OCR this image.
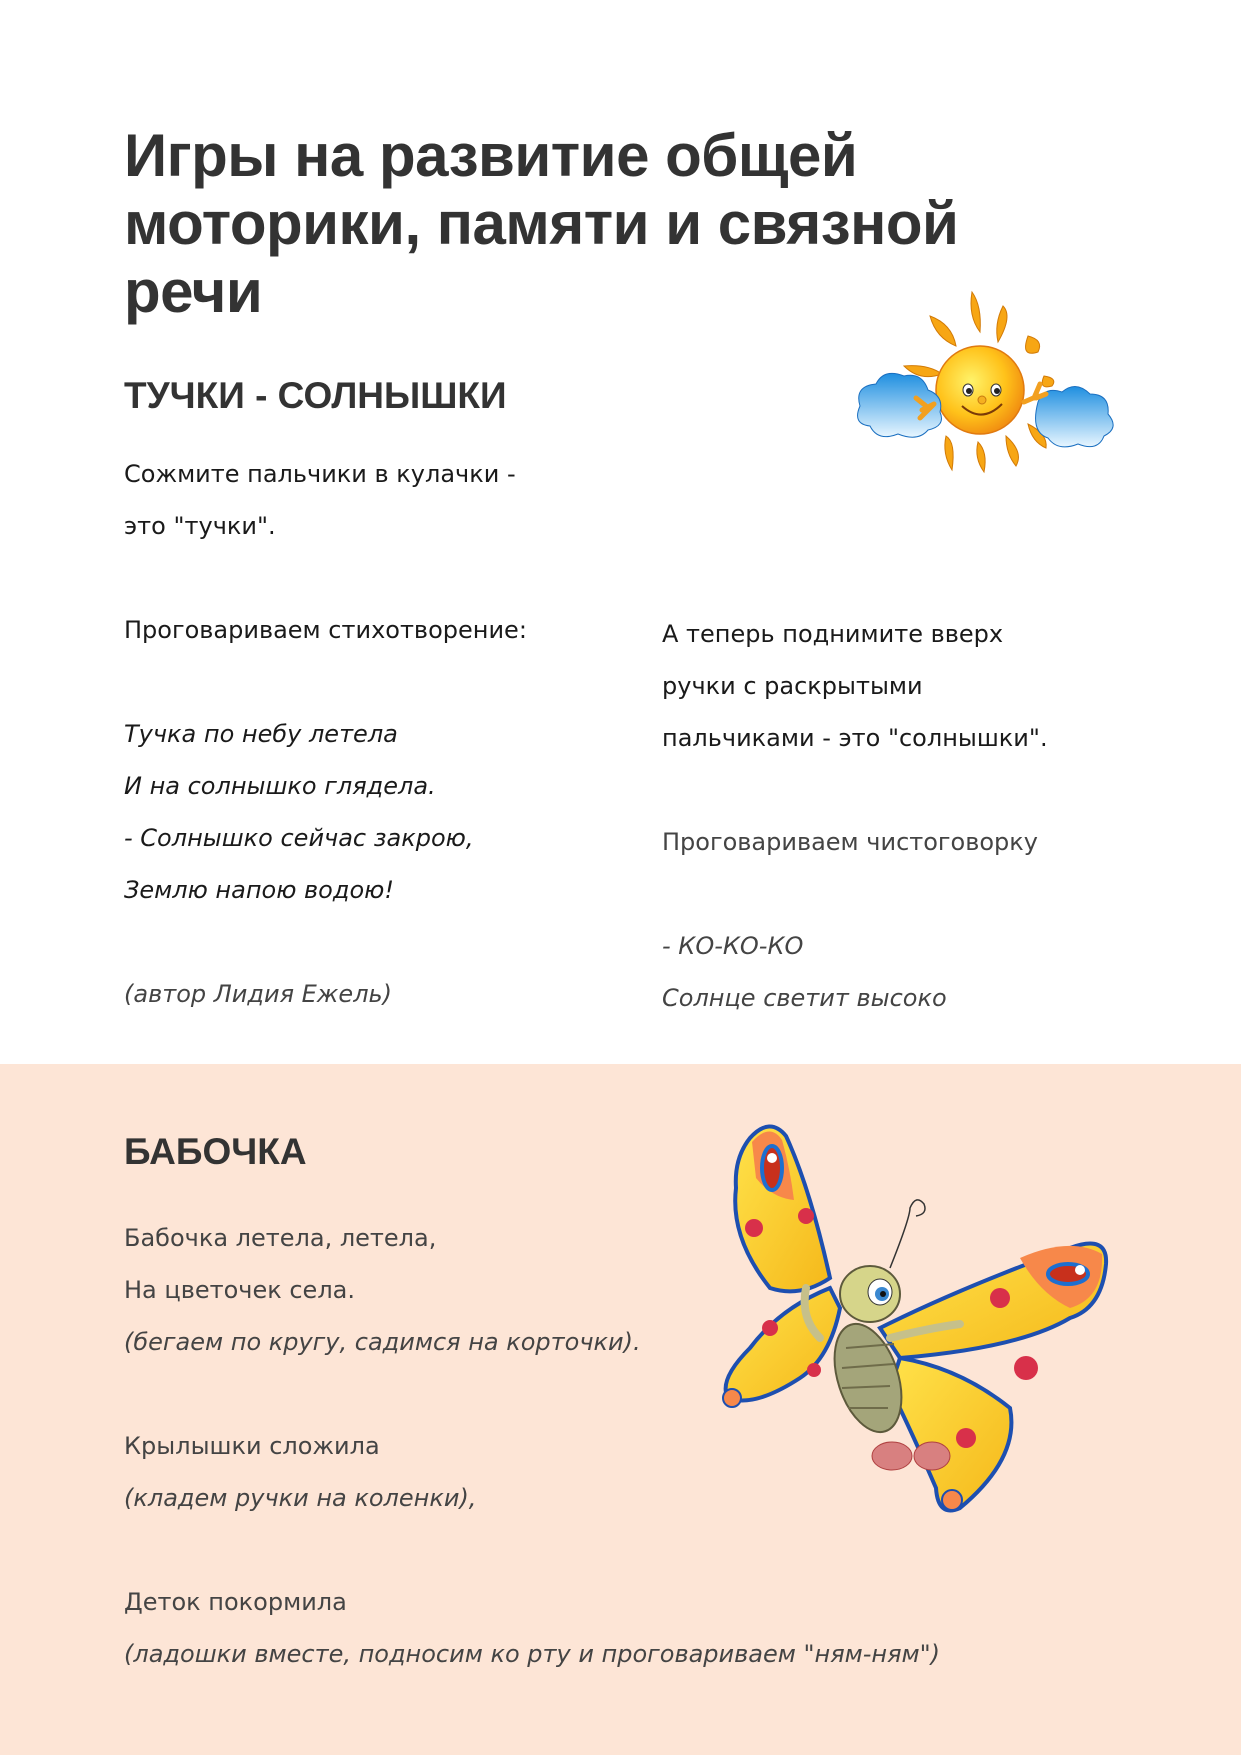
Игры на развитие общей
моторики, памяти и связной
речи
ТУЧКИ - СОЛНЫШКИ
Сожмите пальчики в кулачки -
это "тучки".
Проговариваем стихотворение:
Тучка по небу летела
И на солнышко глядела.
- Солнышко сейчас закрою,
Землю напою водою!
(автор Лидия Ежель)
А теперь поднимите вверх
ручки с раскрытыми
пальчиками - это "солнышки".
Проговариваем чистоговорку
- КО-КО-КО
Солнце светит высоко
БАБОЧКА
Бабочка летела, летела,
На цветочек села.
(бегаем по кругу, садимся на корточки).
Крылышки сложила
(кладем ручки на коленки),
Деток покормила
(ладошки вместе, подносим ко рту и проговариваем "ням-ням")
